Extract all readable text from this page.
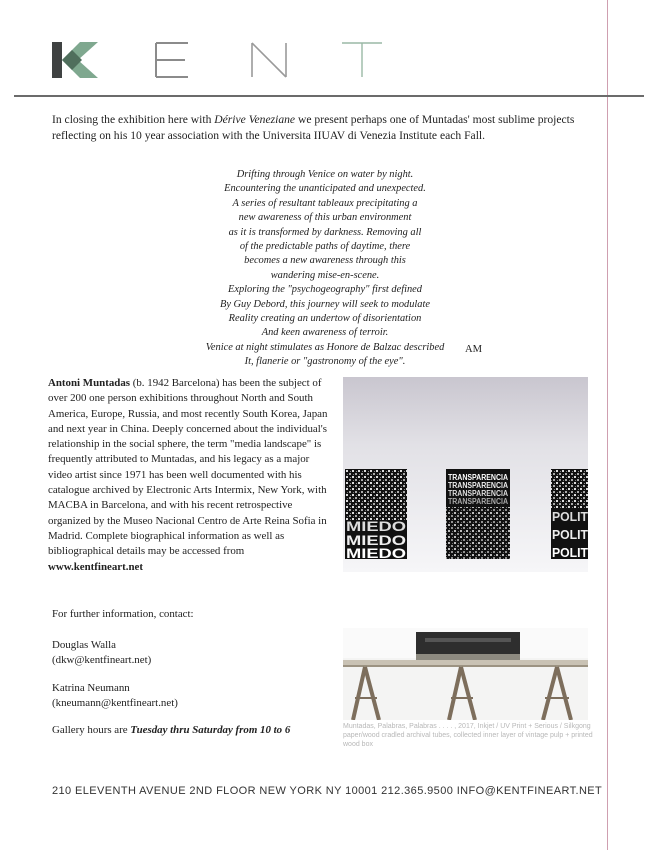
In closing the exhibition here with Dérive Veneziane we present perhaps one of Muntadas' most sublime projects reflecting on his 10 year association with the Universita IIUAV di Venezia Institute each Fall.

Drifting through Venice on water by night.
Encountering the unanticipated and unexpected.
A series of resultant tableaux precipitating a
new awareness of this urban environment
as it is transformed by darkness. Removing all
of the predictable paths of daytime, there
becomes a new awareness through this
wandering mise-en-scene.
Exploring the "psychogeography" first defined
By Guy Debord, this journey will seek to modulate
Reality creating an undertow of disorientation
And keen awareness of terroir.
Venice at night stimulates as Honore de Balzac described
It, flanerie or "gastronomy of the eye".
AM

Antoni Muntadas (b. 1942 Barcelona) has been the subject of over 200 one person exhibitions throughout North and South America, Europe, Russia, and most recently South Korea, Japan and next year in China. Deeply concerned about the individual's relationship in the social sphere, the term "media landscape" is frequently attributed to Muntadas, and his legacy as a major video artist since 1971 has been well documented with his catalogue archived by Electronic Arts Intermix, New York, with MACBA in Barcelona, and with his recent retrospective organized by the Museo Nacional Centro de Arte Reina Sofia in Madrid. Complete biographical information as well as bibliographical details may be accessed from www.kentfineart.net

For further information, contact:
Douglas Walla
(dkw@kentfineart.net)
Katrina Neumann
(kneumann@kentfineart.net)
Gallery hours are Tuesday thru Saturday from 10 to 6
MIEDO
MIEDO
MIEDO
TRANSPARENCIA
TRANSPARENCIA
TRANSPARENCIA
TRANSPARENCIA
POLIT
POLIT
POLIT
Muntadas, Palabras, Palabras . . . . , 2017, Inkjet / UV Print + Serious / Silkgong paper/wood cradled archival tubes, collected inner layer of vintage pulp + printed wood box
210 ELEVENTH AVENUE 2ND FLOOR NEW YORK NY 10001 212.365.9500 INFO@KENTFINEART.NET
